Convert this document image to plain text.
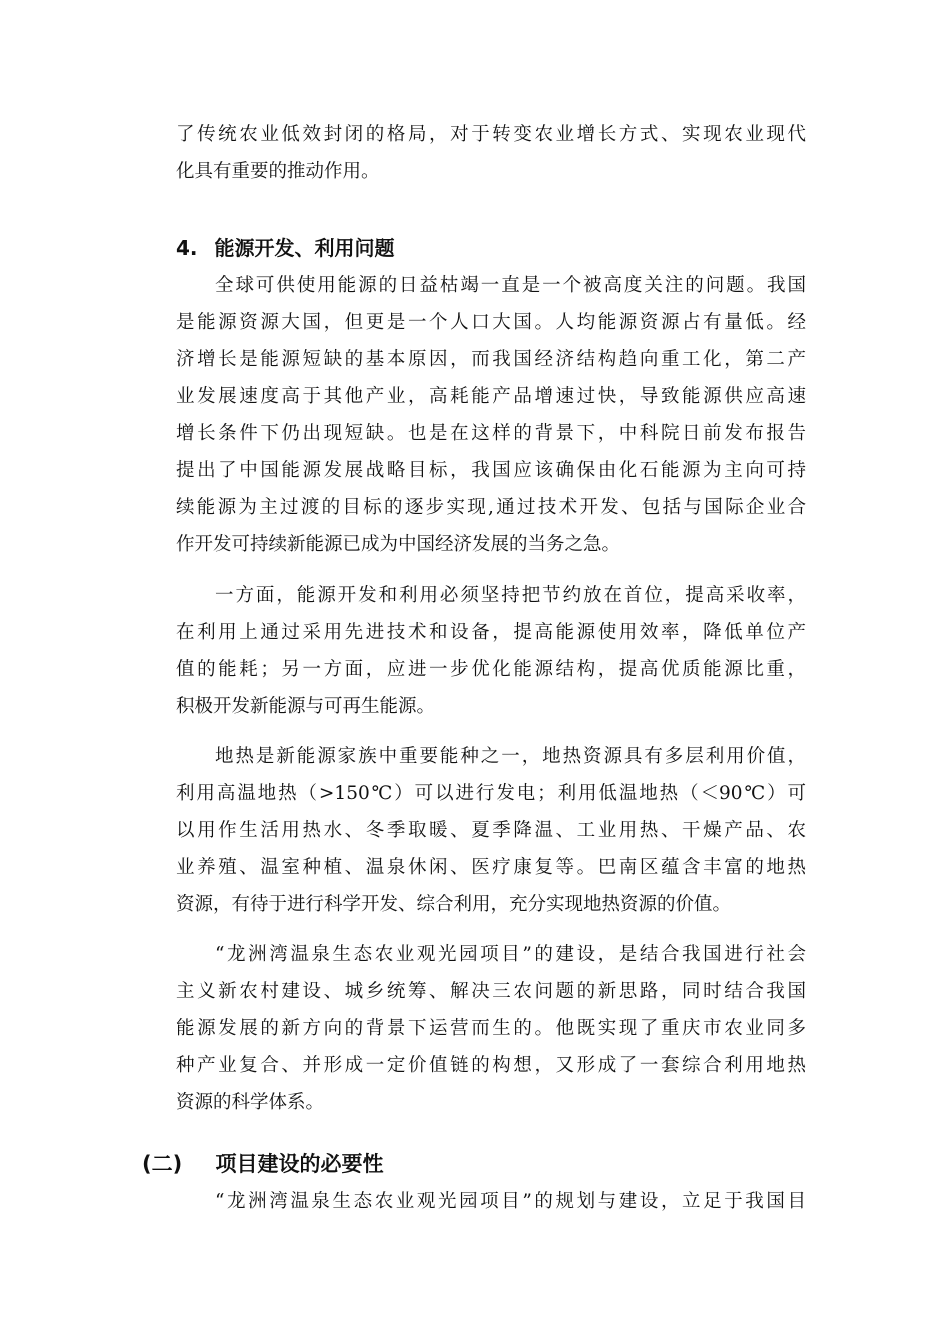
了传统农业低效封闭的格局，对于转变农业增长方式、实现农业现代
化具有重要的推动作用。

4. 能源开发、利用问题

全球可供使用能源的日益枯竭一直是一个被高度关注的问题。我国
是能源资源大国，但更是一个人口大国。人均能源资源占有量低。经
济增长是能源短缺的基本原因，而我国经济结构趋向重工化，第二产
业发展速度高于其他产业，高耗能产品增速过快，导致能源供应高速
增长条件下仍出现短缺。也是在这样的背景下，中科院日前发布报告
提出了中国能源发展战略目标，我国应该确保由化石能源为主向可持
续能源为主过渡的目标的逐步实现,通过技术开发、包括与国际企业合
作开发可持续新能源已成为中国经济发展的当务之急。

一方面，能源开发和利用必须坚持把节约放在首位，提高采收率，
在利用上通过采用先进技术和设备，提高能源使用效率，降低单位产
值的能耗；另一方面，应进一步优化能源结构，提高优质能源比重，
积极开发新能源与可再生能源。

地热是新能源家族中重要能种之一，地热资源具有多层利用价值，
利用高温地热（>150℃）可以进行发电；利用低温地热（＜90℃）可
以用作生活用热水、冬季取暖、夏季降温、工业用热、干燥产品、农
业养殖、温室种植、温泉休闲、医疗康复等。巴南区蕴含丰富的地热
资源，有待于进行科学开发、综合利用，充分实现地热资源的价值。

“龙洲湾温泉生态农业观光园项目”的建设，是结合我国进行社会
主义新农村建设、城乡统筹、解决三农问题的新思路，同时结合我国
能源发展的新方向的背景下运营而生的。他既实现了重庆市农业同多
种产业复合、并形成一定价值链的构想，又形成了一套综合利用地热
资源的科学体系。

(二) 项目建设的必要性

“龙洲湾温泉生态农业观光园项目”的规划与建设，立足于我国目
